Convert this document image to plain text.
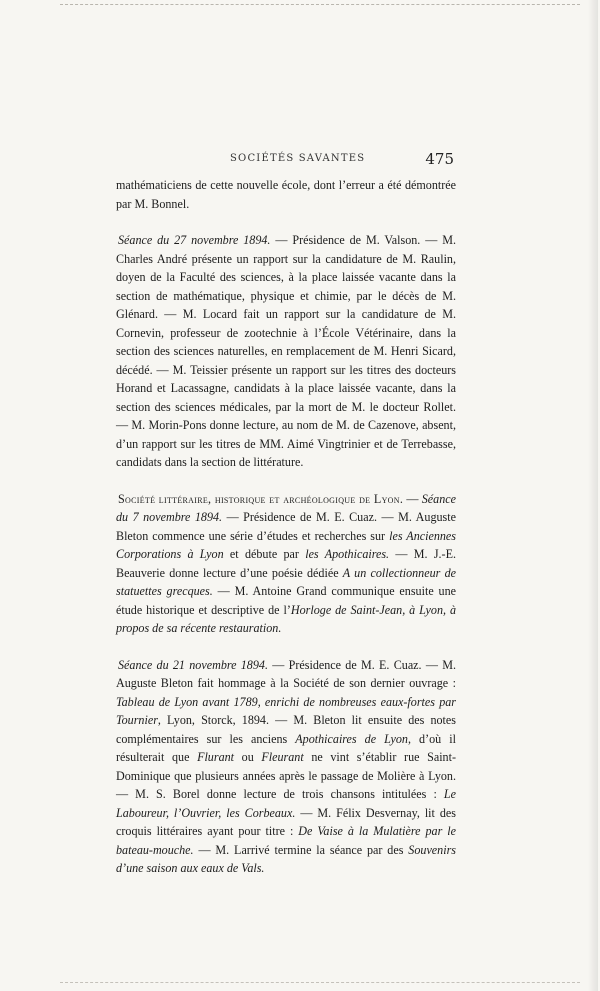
SOCIÉTÉS SAVANTES	475

mathématiciens de cette nouvelle école, dont l’erreur a été démontrée par M. Bonnel.

Séance du 27 novembre 1894. — Présidence de M. Valson. — M. Charles André présente un rapport sur la candidature de M. Raulin, doyen de la Faculté des sciences, à la place laissée vacante dans la section de mathématique, physique et chimie, par le décès de M. Glénard. — M. Locard fait un rapport sur la candidature de M. Cornevin, professeur de zootechnie à l’École Vétérinaire, dans la section des sciences naturelles, en remplacement de M. Henri Sicard, décédé. — M. Teissier présente un rapport sur les titres des docteurs Horand et Lacassagne, candidats à la place laissée vacante, dans la section des sciences médicales, par la mort de M. le docteur Rollet. — M. Morin-Pons donne lecture, au nom de M. de Cazenove, absent, d’un rapport sur les titres de MM. Aimé Vingtrinier et de Terrebasse, candidats dans la section de littérature.

Société littéraire, historique et archéologique de Lyon. — Séance du 7 novembre 1894. — Présidence de M. E. Cuaz. — M. Auguste Bleton commence une série d’études et recherches sur les Anciennes Corporations à Lyon et débute par les Apothicaires. — M. J.-E. Beauverie donne lecture d’une poésie dédiée A un collectionneur de statuettes grecques. — M. Antoine Grand communique ensuite une étude historique et descriptive de l’Horloge de Saint-Jean, à Lyon, à propos de sa récente restauration.

Séance du 21 novembre 1894. — Présidence de M. E. Cuaz. — M. Auguste Bleton fait hommage à la Société de son dernier ouvrage : Tableau de Lyon avant 1789, enrichi de nombreuses eaux-fortes par Tournier, Lyon, Storck, 1894. — M. Bleton lit ensuite des notes complémentaires sur les anciens Apothicaires de Lyon, d’où il résulterait que Flurant ou Fleurant ne vint s’établir rue Saint-Dominique que plusieurs années après le passage de Molière à Lyon. — M. S. Borel donne lecture de trois chansons intitulées : Le Laboureur, l’Ouvrier, les Corbeaux. — M. Félix Desvernay, lit des croquis littéraires ayant pour titre : De Vaise à la Mulatière par le bateau-mouche. — M. Larrivé termine la séance par des Souvenirs d’une saison aux eaux de Vals.
